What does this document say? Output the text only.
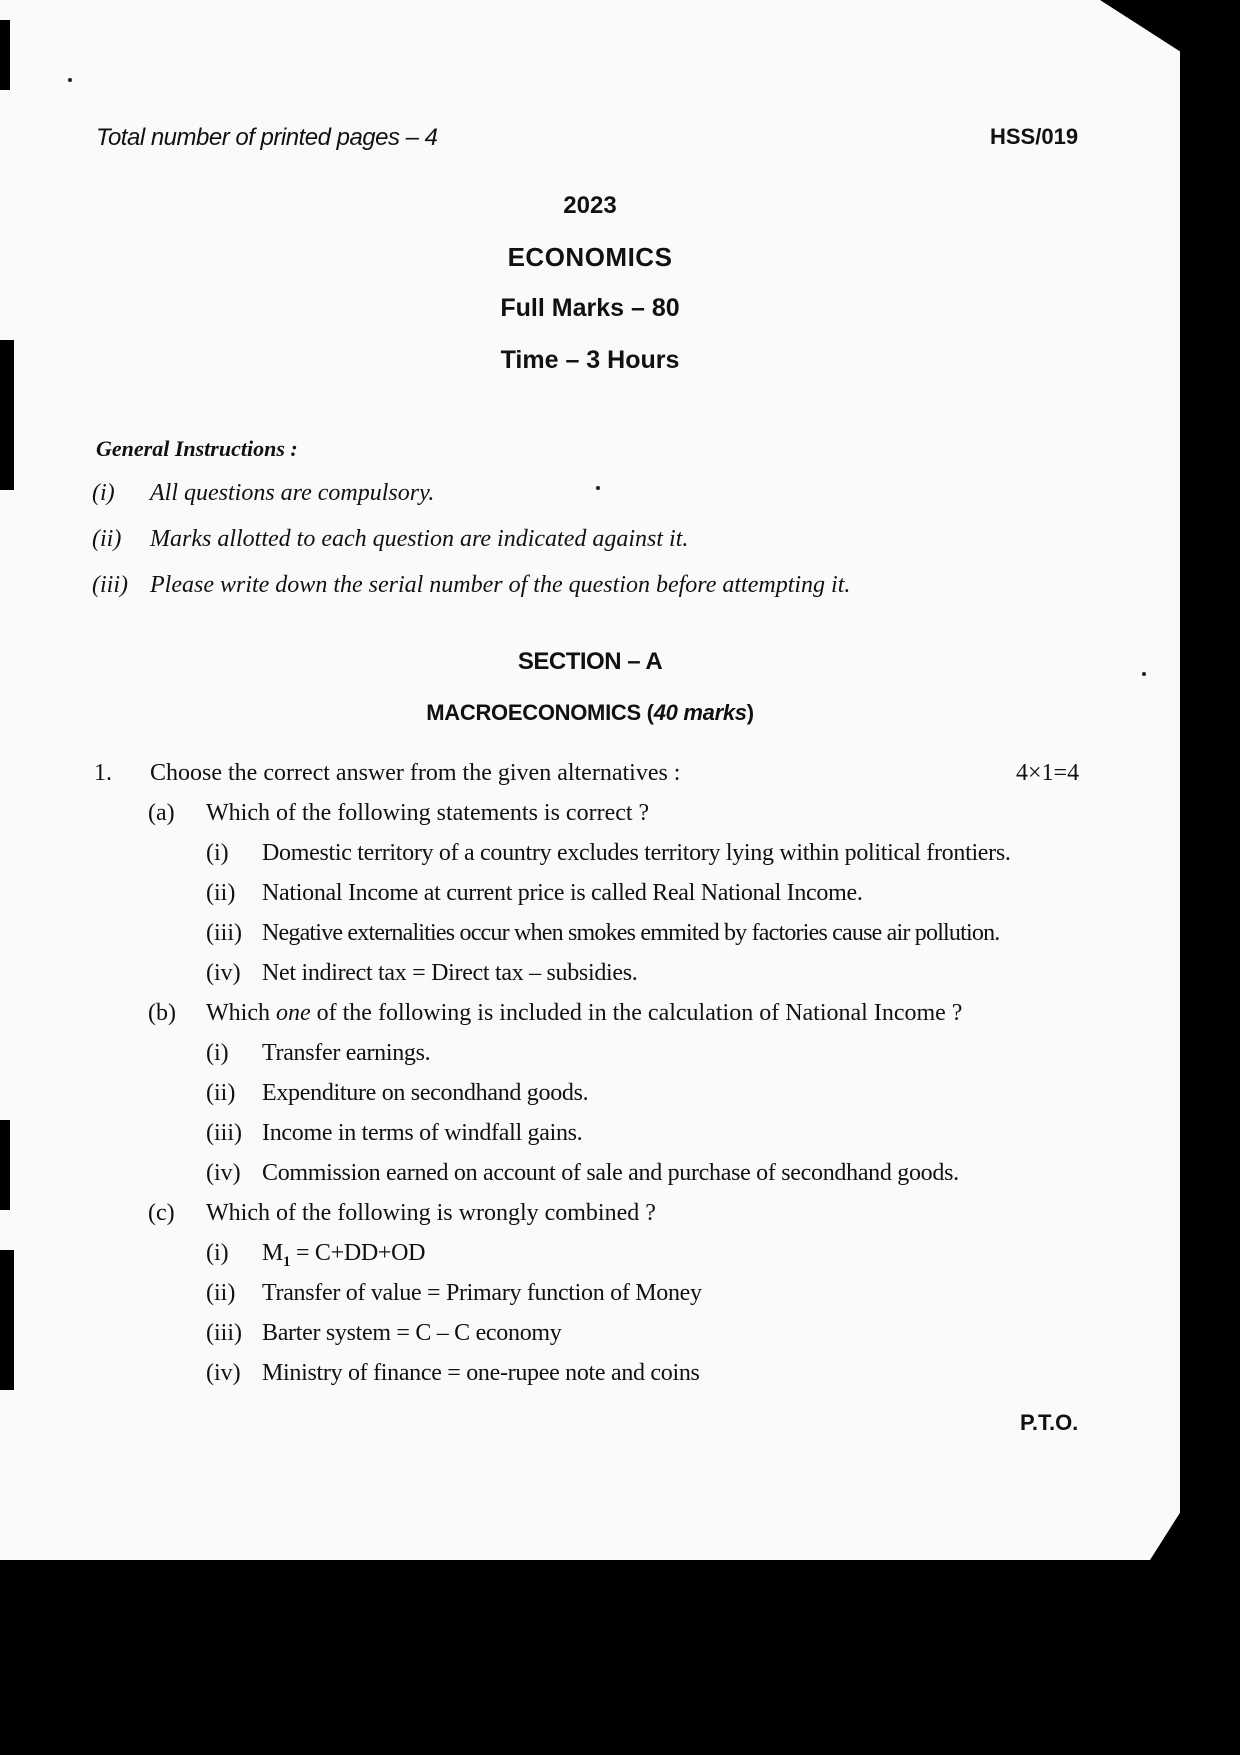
Total number of printed pages – 4	HSS/019
2023
ECONOMICS
Full Marks – 80
Time – 3 Hours
General Instructions :
(i)	All questions are compulsory.
(ii)	Marks allotted to each question are indicated against it.
(iii) Please write down the serial number of the question before attempting it.
SECTION – A
MACROECONOMICS (40 marks)
1. Choose the correct answer from the given alternatives :	4×1=4
(a) Which of the following statements is correct ?
(i) Domestic territory of a country excludes territory lying within political frontiers.
(ii) National Income at current price is called Real National Income.
(iii) Negative externalities occur when smokes emmited by factories cause air pollution.
(iv) Net indirect tax = Direct tax – subsidies.
(b) Which one of the following is included in the calculation of National Income ?
(i) Transfer earnings.
(ii) Expenditure on secondhand goods.
(iii) Income in terms of windfall gains.
(iv) Commission earned on account of sale and purchase of secondhand goods.
(c) Which of the following is wrongly combined ?
(i) $M_1 = C+DD+OD$
(ii) Transfer of value = Primary function of Money
(iii) Barter system = C – C economy
(iv) Ministry of finance = one-rupee note and coins
P.T.O.
